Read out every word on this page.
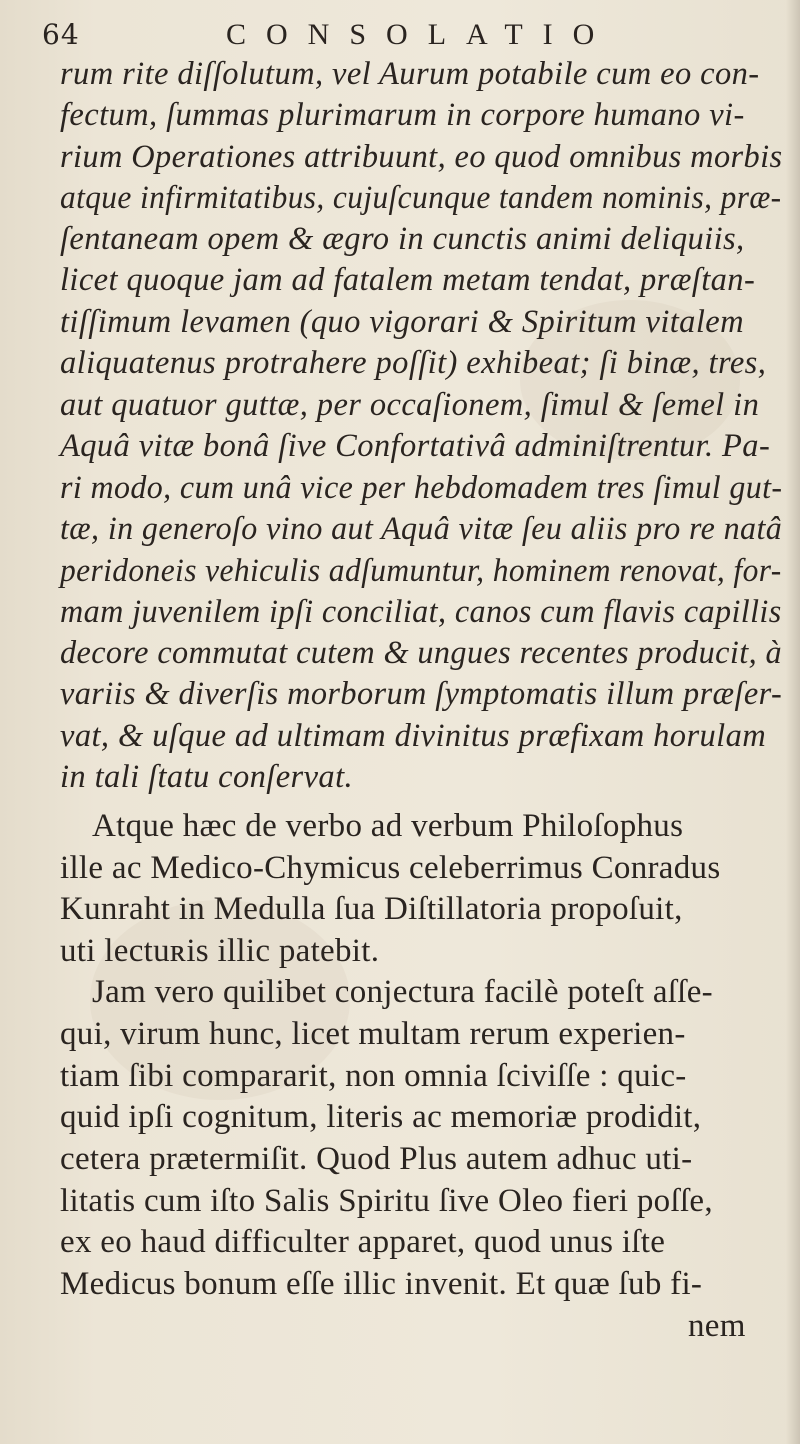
64	CONSOLATIO
rum rite diſſolutum, vel Aurum potabile cum eo con-
fectum, ſummas plurimarum in corpore humano vi-
rium Operationes attribuunt, eo quod omnibus morbis
atque infirmitatibus, cujuſcunque tandem nominis, præ-
ſentaneam opem & ægro in cunctis animi deliquiis,
licet quoque jam ad fatalem metam tendat, præſtan-
tiſſimum levamen (quo vigorari & Spiritum vitalem
aliquatenus protrahere poſſit) exhibeat; ſi binæ, tres,
aut quatuor guttæ, per occaſionem, ſimul & ſemel in
Aquâ vitæ bonâ ſive Confortativâ adminiſtrentur. Pa-
ri modo, cum unâ vice per hebdomadem tres ſimul gut-
tæ, in generoſo vino aut Aquâ vitæ ſeu aliis pro re natâ
peridoneis vehiculis adſumuntur, hominem renovat, for-
mam juvenilem ipſi conciliat, canos cum flavis capillis
decore commutat cutem & ungues recentes producit, à
variis & diverſis morborum ſymptomatis illum præſer-
vat, & uſque ad ultimam divinitus præfixam horulam
in tali ſtatu conſervat.
Atque hæc de verbo ad verbum Philoſophus
ille ac Medico-Chymicus celeberrimus Conradus
Kunraht in Medulla ſua Diſtillatoria propoſuit,
uti lectuʀis illic patebit.
Jam vero quilibet conjectura facilè poteſt aſſe-
qui, virum hunc, licet multam rerum experien-
tiam ſibi compararit, non omnia ſciviſſe : quic-
quid ipſi cognitum, literis ac memoriæ prodidit,
cetera prætermiſit. Quod Plus autem adhuc uti-
litatis cum iſto Salis Spiritu ſive Oleo fieri poſſe,
ex eo haud difficulter apparet, quod unus iſte
Medicus bonum eſſe illic invenit. Et quæ ſub fi-
nem
